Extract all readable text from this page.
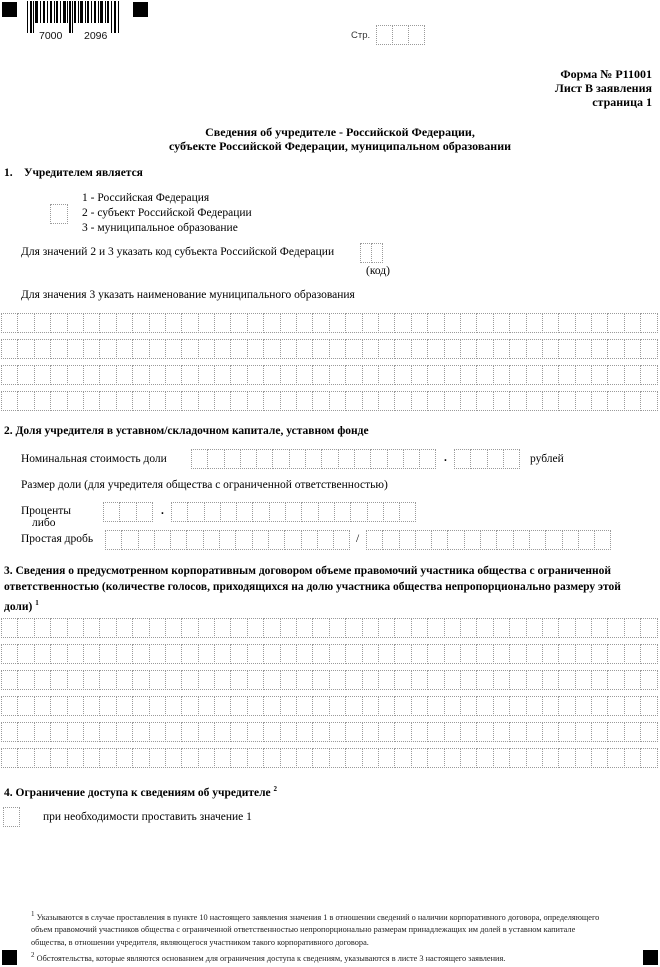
7000 2096	Стр.
Форма № Р11001
Лист В заявления
страница 1
Сведения об учредителе - Российской Федерации,
субъекте Российской Федерации, муниципальном образовании
1. Учредителем является
1 - Российская Федерация
2 - субъект Российской Федерации
3 - муниципальное образование
Для значений 2 и 3 указать код субъекта Российской Федерации
(код)
Для значения 3 указать наименование муниципального образования
2. Доля учредителя в уставном/складочном капитале, уставном фонде
Номинальная стоимость доли	.	рублей
Размер доли (для учредителя общества с ограниченной ответственностью)
Проценты	.
либо
Простая дробь	/
3. Сведения о предусмотренном корпоративным договором объеме правомочий участника общества с ограниченной
ответственностью (количестве голосов, приходящихся на долю участника общества непропорционально размеру этой
доли) $^1$
4. Ограничение доступа к сведениям об учредителе $^2$
при необходимости проставить значение 1
$^1$ Указываются в случае проставления в пункте 10 настоящего заявления значения 1 в отношении сведений о наличии корпоративного договора, определяющего
объем правомочий участников общества с ограниченной ответственностью непропорционально размерам принадлежащих им долей в уставном капитале
общества, в отношении учредителя, являющегося участником такого корпоративного договора.
$^2$ Обстоятельства, которые являются основанием для ограничения доступа к сведениям, указываются в листе 3 настоящего заявления.
